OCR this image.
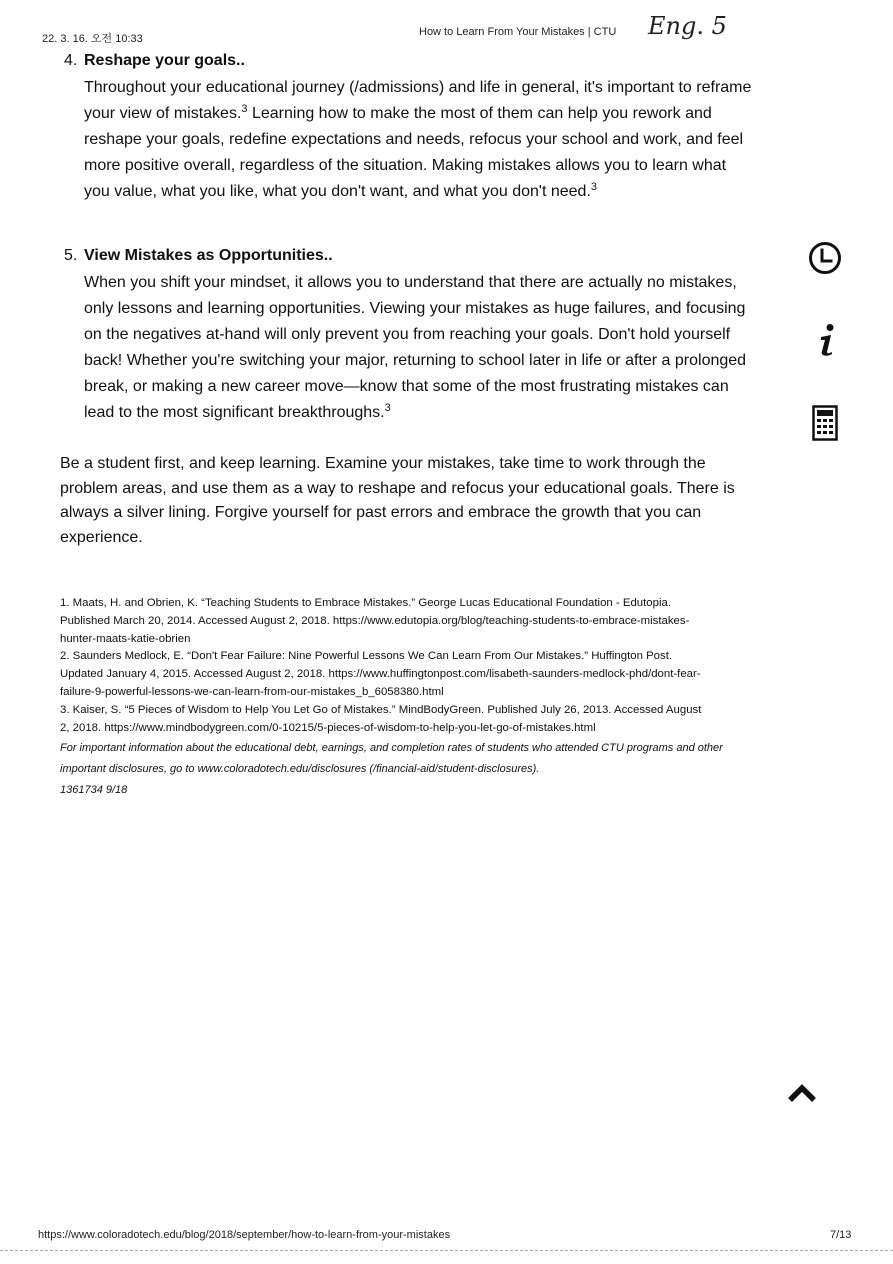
22. 3. 16. 오전 10:33
How to Learn From Your Mistakes | CTU Eng. 5
4. Reshape your goals..
Throughout your educational journey (/admissions) and life in general, it's important to reframe
your view of mistakes.$^3$ Learning how to make the most of them can help you rework and
reshape your goals, redefine expectations and needs, refocus your school and work, and feel
more positive overall, regardless of the situation. Making mistakes allows you to learn what
you value, what you like, what you don't want, and what you don't need.$^3$
5. View Mistakes as Opportunities..
When you shift your mindset, it allows you to understand that there are actually no mistakes,
only lessons and learning opportunities. Viewing your mistakes as huge failures, and focusing
on the negatives at-hand will only prevent you from reaching your goals. Don't hold yourself
back! Whether you're switching your major, returning to school later in life or after a prolonged
break, or making a new career move—know that some of the most frustrating mistakes can
lead to the most significant breakthroughs.$^3$
Be a student first, and keep learning. Examine your mistakes, take time to work through the
problem areas, and use them as a way to reshape and refocus your educational goals. There is
always a silver lining. Forgive yourself for past errors and embrace the growth that you can
experience.
1. Maats, H. and Obrien, K. “Teaching Students to Embrace Mistakes.” George Lucas Educational Foundation - Edutopia.
Published March 20, 2014. Accessed August 2, 2018. https://www.edutopia.org/blog/teaching-students-to-embrace-mistakes-
hunter-maats-katie-obrien
2. Saunders Medlock, E. “Don't Fear Failure: Nine Powerful Lessons We Can Learn From Our Mistakes.” Huffington Post.
Updated January 4, 2015. Accessed August 2, 2018. https://www.huffingtonpost.com/lisabeth-saunders-medlock-phd/dont-fear-
failure-9-powerful-lessons-we-can-learn-from-our-mistakes_b_6058380.html
3. Kaiser, S. “5 Pieces of Wisdom to Help You Let Go of Mistakes.” MindBodyGreen. Published July 26, 2013. Accessed August
2, 2018. https://www.mindbodygreen.com/0-10215/5-pieces-of-wisdom-to-help-you-let-go-of-mistakes.html
For important information about the educational debt, earnings, and completion rates of students who attended CTU programs and other
important disclosures, go to www.coloradotech.edu/disclosures (/financial-aid/student-disclosures).
1361734 9/18
https://www.coloradotech.edu/blog/2018/september/how-to-learn-from-your-mistakes	7/13
